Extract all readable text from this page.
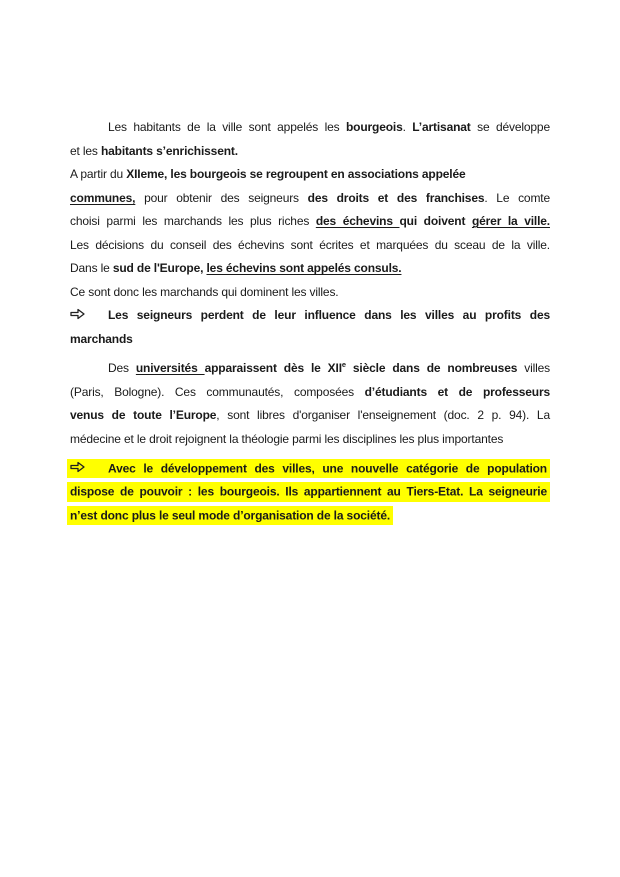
Les habitants de la ville sont appelés les bourgeois. L’artisanat se développe
et les habitants s’enrichissent.
A partir du XIIeme, les bourgeois se regroupent en associations appelée
communes, pour obtenir des seigneurs des droits et des franchises. Le comte
choisi parmi les marchands les plus riches des échevins qui doivent gérer la ville.
Les décisions du conseil des échevins sont écrites et marquées du sceau de la ville.
Dans le sud de l'Europe, les échevins sont appelés consuls.
Ce sont donc les marchands qui dominent les villes.
Les seigneurs perdent de leur influence dans les villes au profits des
marchands
Des universités apparaissent dès le XIIe siècle dans de nombreuses villes
(Paris, Bologne). Ces communautés, composées d’étudiants et de professeurs
venus de toute l’Europe, sont libres d'organiser l'enseignement (doc. 2 p. 94). La
médecine et le droit rejoignent la théologie parmi les disciplines les plus importantes
Avec le développement des villes, une nouvelle catégorie de population
dispose de pouvoir : les bourgeois. Ils appartiennent au Tiers-Etat. La seigneurie
n’est donc plus le seul mode d’organisation de la société.
